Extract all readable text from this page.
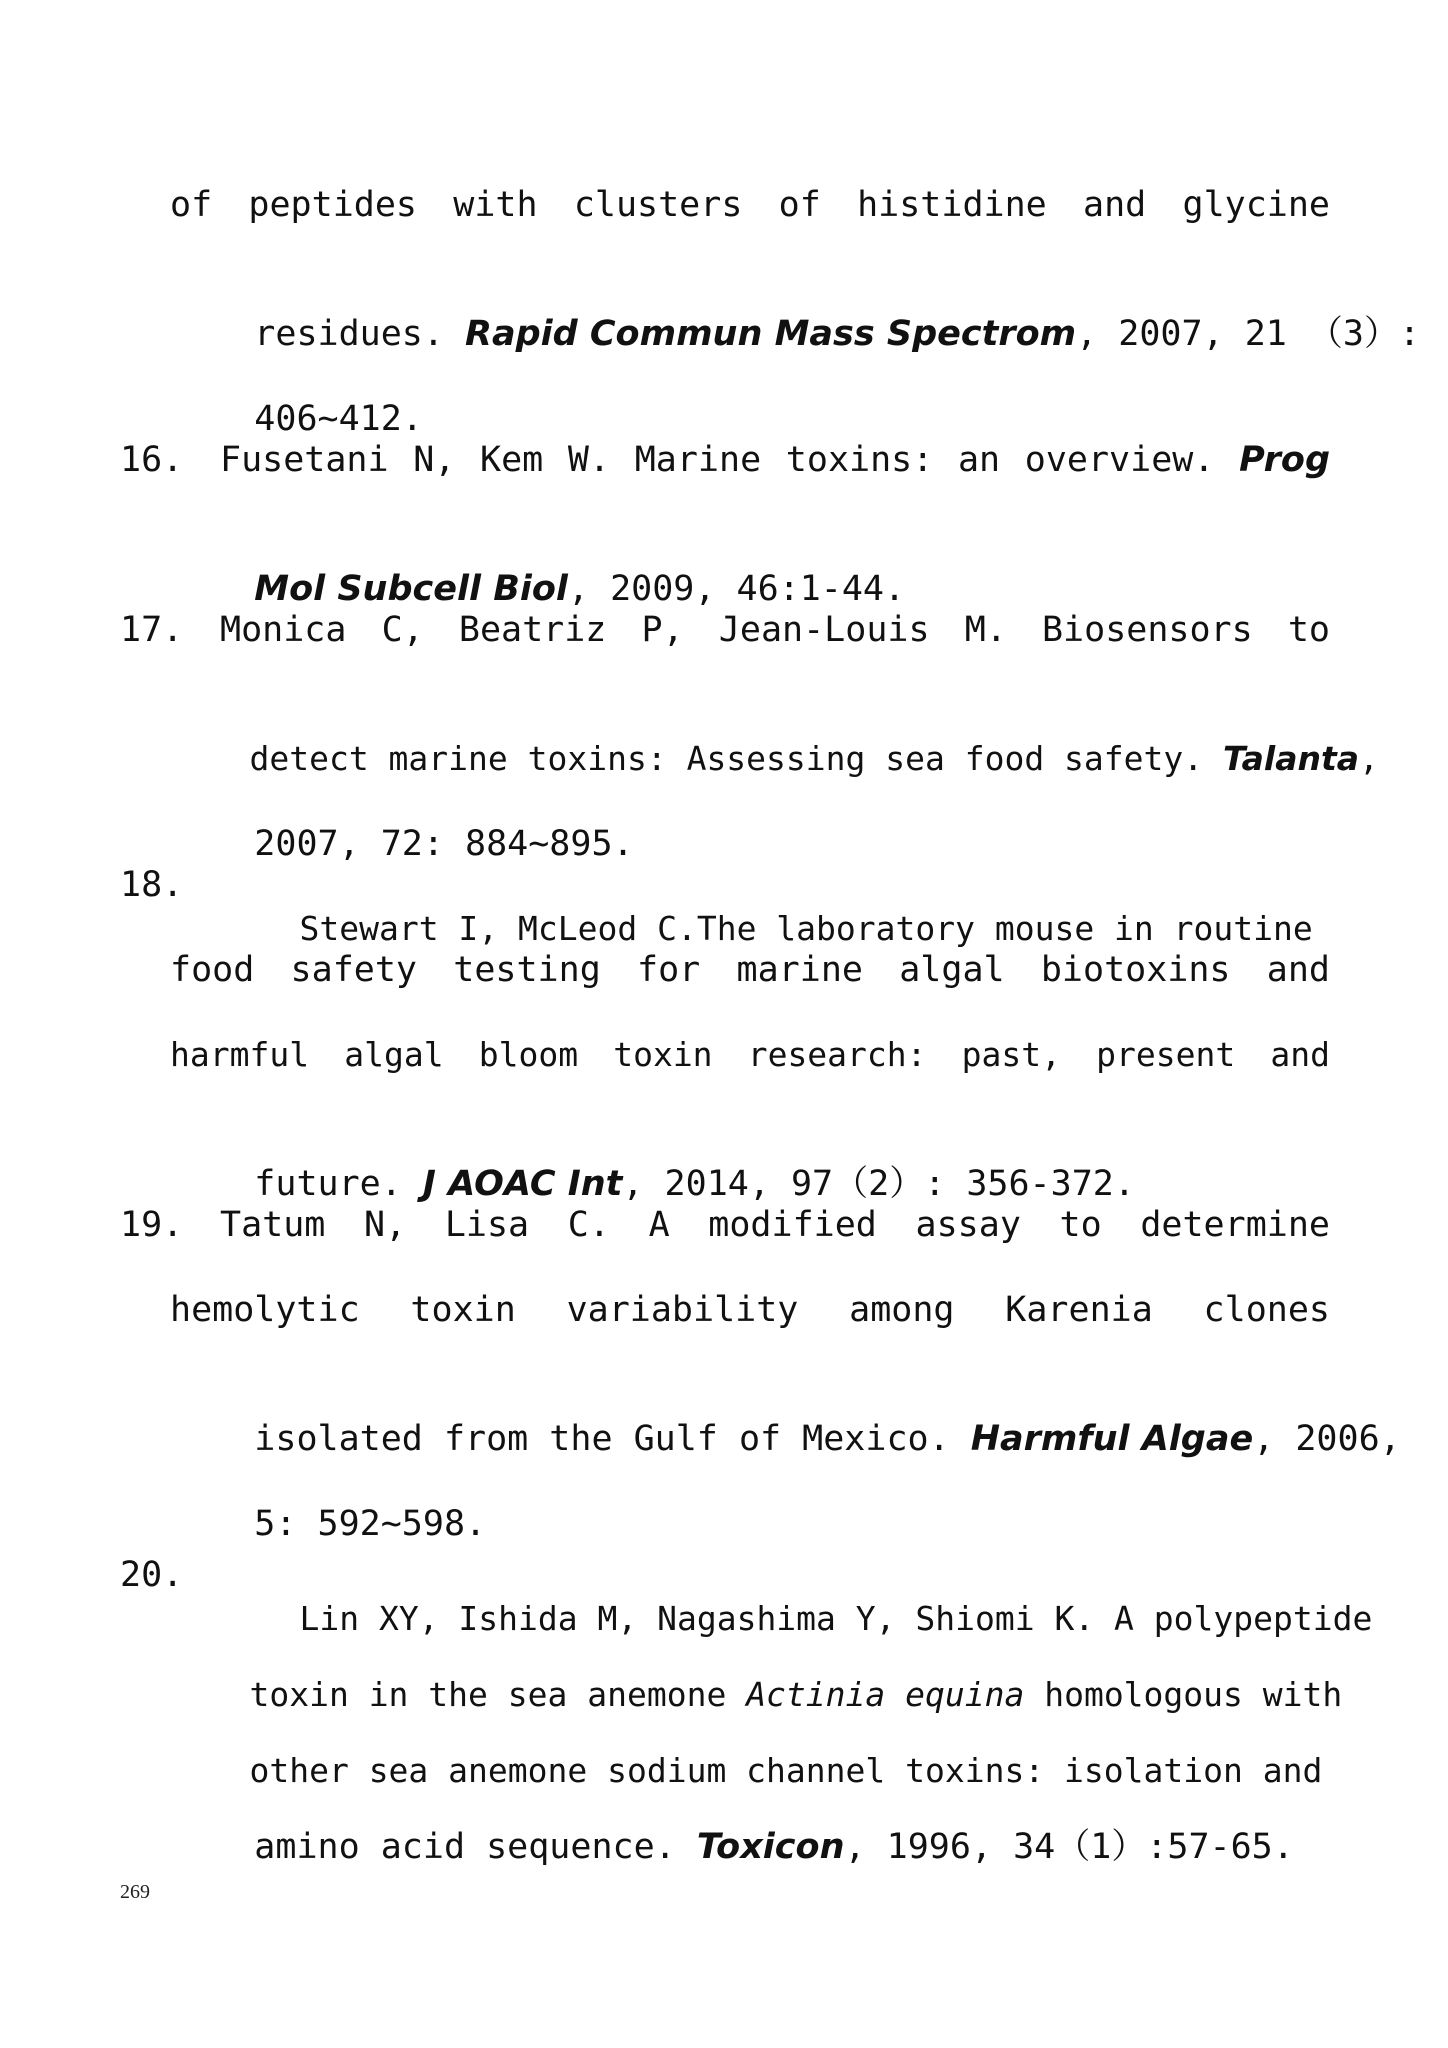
of peptides with clusters of histidine and glycine

residues. Rapid Commun Mass Spectrom, 2007, 21 （3）:

406~412.

16. Fusetani N, Kem W. Marine toxins: an overview. Prog

Mol Subcell Biol, 2009, 46:1-44.

17. Monica C, Beatriz P, Jean-Louis M. Biosensors to

detect marine toxins: Assessing sea food safety. Talanta,

2007, 72: 884~895.

18.

Stewart I, McLeod C.The laboratory mouse in routine

food safety testing for marine algal biotoxins and
harmful algal bloom toxin research: past, present and

future. J AOAC Int, 2014, 97（2）: 356-372.

19. Tatum N, Lisa C. A modified assay to determine
hemolytic toxin variability among Karenia clones

isolated from the Gulf of Mexico. Harmful Algae, 2006,

5: 592~598.

20.

Lin XY, Ishida M, Nagashima Y, Shiomi K. A polypeptide

toxin in the sea anemone Actinia equina homologous with

other sea anemone sodium channel toxins: isolation and

amino acid sequence. Toxicon, 1996, 34（1）:57-65.

269
